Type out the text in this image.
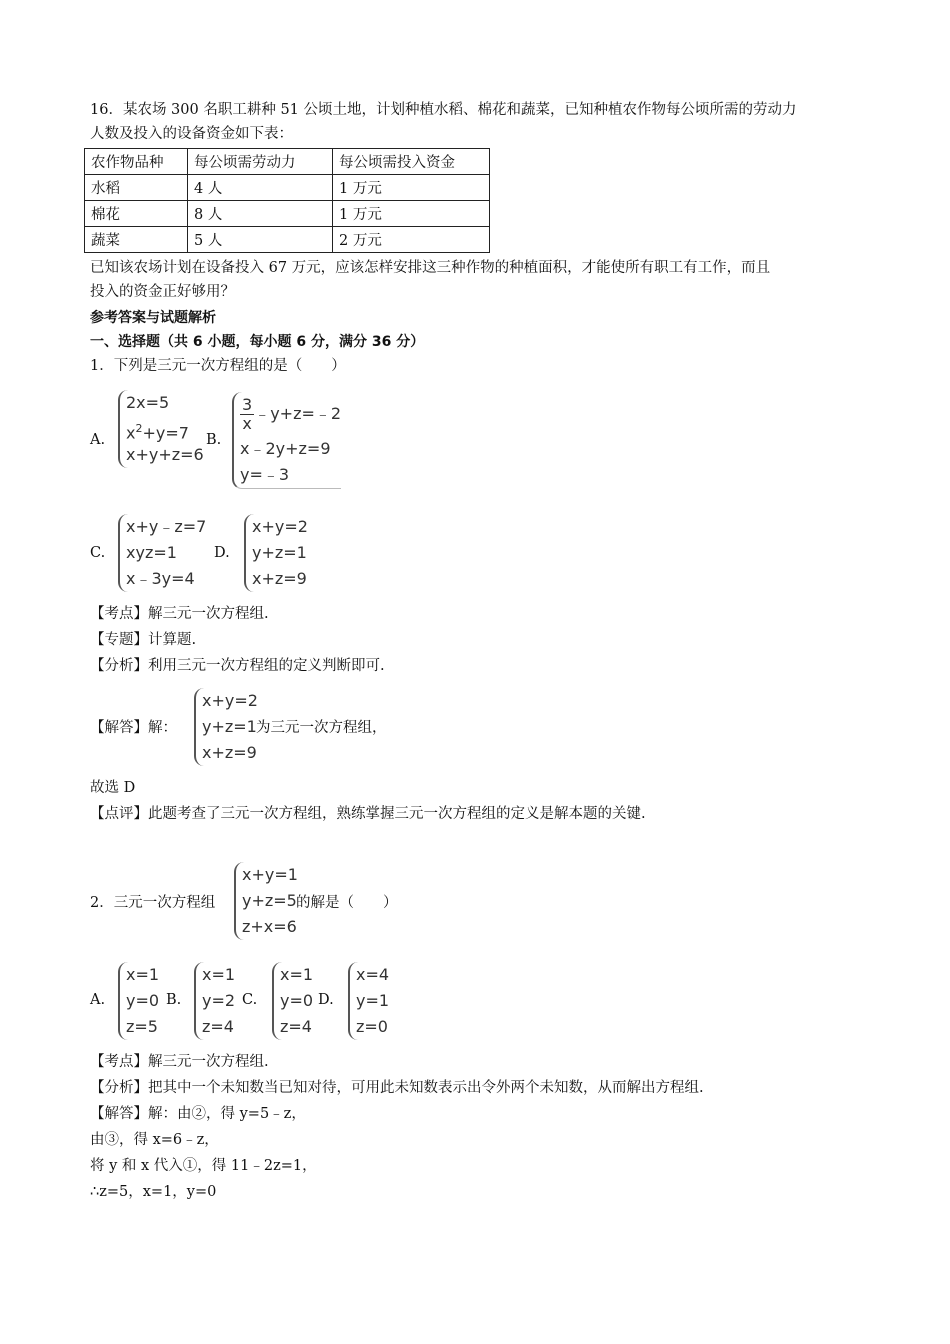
16．某农场 300 名职工耕种 51 公顷土地，计划种植水稻、棉花和蔬菜，已知种植农作物每公顷所需的劳动力
人数及投入的设备资金如下表：
农作物品种	每公顷需劳动力	每公顷需投入资金
水稻	4 人	1 万元
棉花	8 人	1 万元
蔬菜	5 人	2 万元
已知该农场计划在设备投入 67 万元，应该怎样安排这三种作物的种植面积，才能使所有职工有工作，而且
投入的资金正好够用？
参考答案与试题解析
一、选择题（共 6 小题，每小题 6 分，满分 36 分）
1．下列是三元一次方程组的是（　　）
A.
2x=5
$x^2+y=7$
x+y+z=6
B.
$\frac{3}{x}$ ﹣y+z=﹣2
x﹣2y+z=9
y=﹣3
C.
x+y﹣z=7
xyz=1
x﹣3y=4
D.
x+y=2
y+z=1
x+z=9
【考点】解三元一次方程组.
【专题】计算题.
【分析】利用三元一次方程组的定义判断即可.
【解答】解：
x+y=2
y+z=1
x+z=9
为三元一次方程组，
故选 D
【点评】此题考查了三元一次方程组，熟练掌握三元一次方程组的定义是解本题的关键.
2．三元一次方程组
x+y=1
y+z=5
z+x=6
的解是（　　）
A.
x=1
y=0
z=5
B.
x=1
y=2
z=4
C.
x=1
y=0
z=4
D.
x=4
y=1
z=0
【考点】解三元一次方程组.
【分析】把其中一个未知数当已知对待，可用此未知数表示出令外两个未知数，从而解出方程组.
【解答】解：由②，得 y=5﹣z，
由③，得 x=6﹣z，
将 y 和 x 代入①，得 11﹣2z=1，
∴z=5，x=1，y=0
